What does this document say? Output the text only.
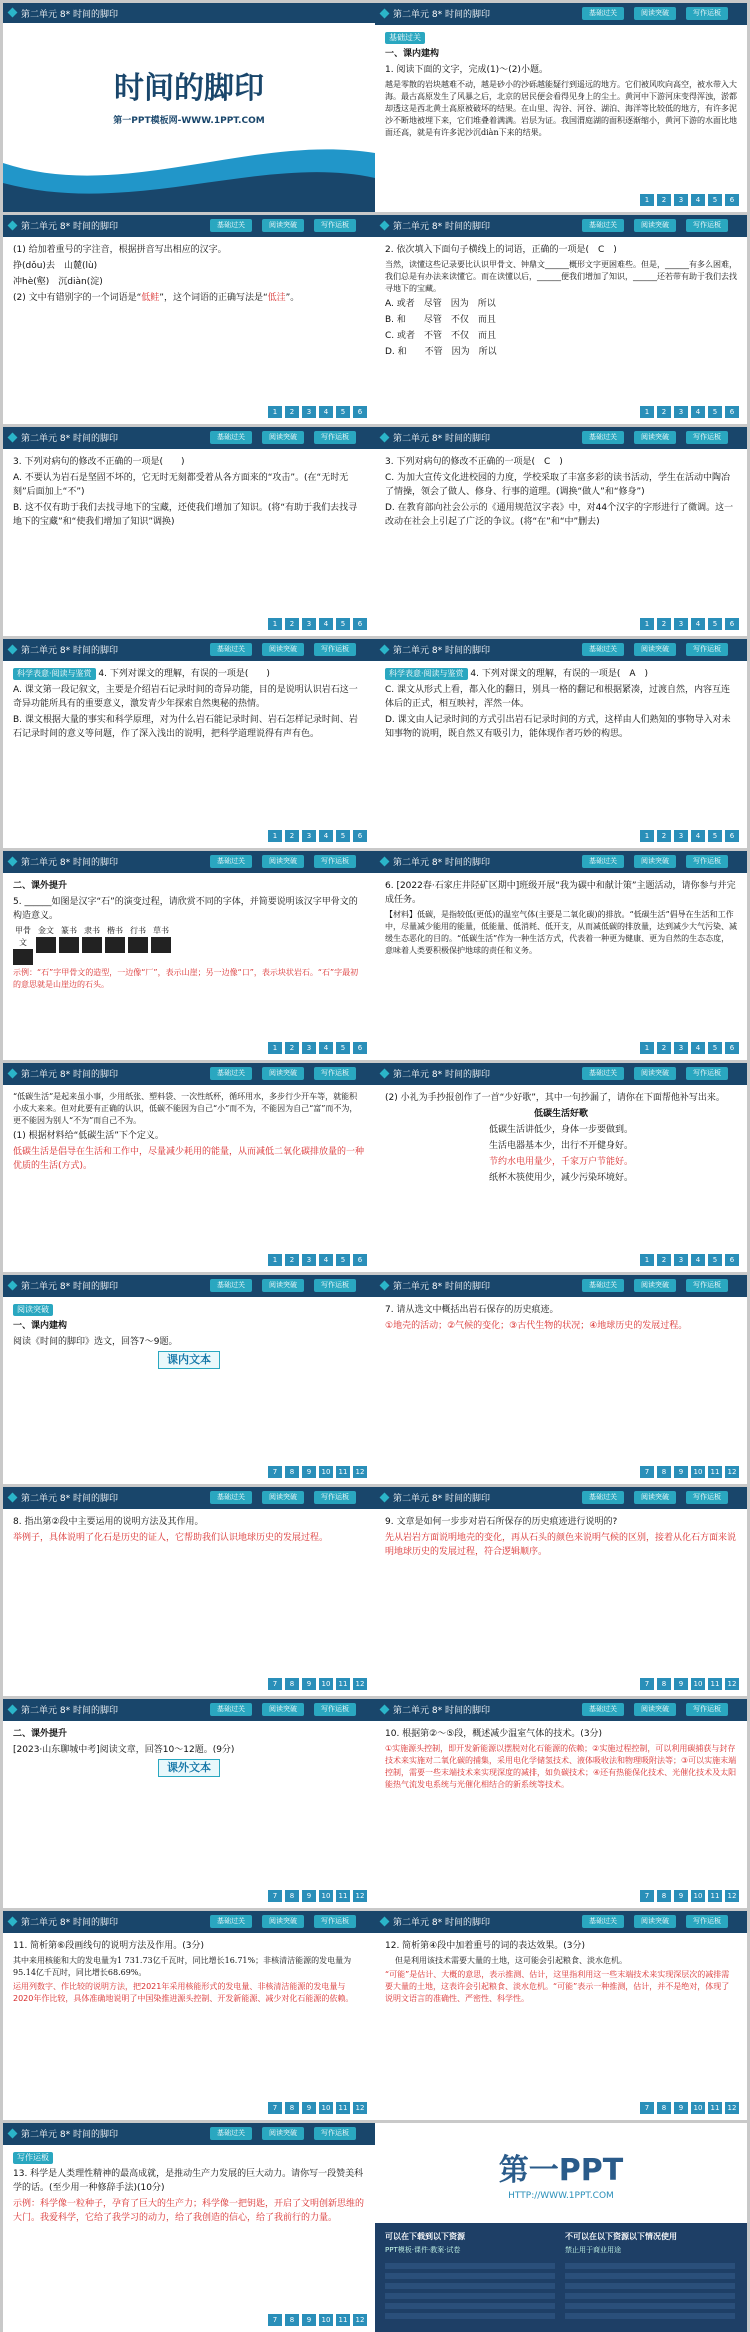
第二单元 8* 时间的脚印
时间的脚印
第一PPT模板网-WWW.1PPT.COM
第二单元 8* 时间的脚印	基础过关	阅读突破	写作运板

基础过关

一、课内建构

1. 阅读下面的文字，完成(1)～(2)小题。

越是零散的岩块越难不动，越是砂小的沙砾越能疑行到遥远的地方。它们被风吹向高空，被水带入大海。最古高原发生了风暴之后，北京的居民便会看得见身上的尘土。黄河中下游河床变得浑浊，淤都却透这是西北黄土高原被破坏的结果。在山里、沟谷、河谷、湖泊、海洋等比较低的地方，有许多泥沙不断地被埋下来，它们堆叠着满满。岩层为证。我国渭庭湖的面积逐渐缩小，黄河下游的水面比地面还高，就是有许多泥沙沉diàn下来的结果。

1	2	3	4	5	6
第二单元 8* 时间的脚印	基础过关	阅读突破	写作运板

(1) 给加着重号的字注音，根据拼音写出相应的汉字。

挣(dǒu)去　山麓(lù)

冲hè(壑)　沉diàn(淀)

(2) 文中有错别字的一个词语是“低鲑”，这个词语的正确写法是“低洼”。

1	2	3	4	5	6
第二单元 8* 时间的脚印	基础过关	阅读突破	写作运板

2. 依次填入下面句子横线上的词语，正确的一项是(　C　)

当然，读懂这些记录要比认识甲骨文、钟鼎文______概形文字更困难些。但是，______有多么困难，我们总是有办法来读懂它。而在读懂以后，______便我们增加了知识，______还若带有助于我们去找寻地下的宝藏。

A. 或者　尽管　因为　所以

B. 和　　尽管　不仅　而且

C. 或者　不管　不仅　而且

D. 和　　不管　因为　所以

1	2	3	4	5	6
第二单元 8* 时间的脚印	基础过关	阅读突破	写作运板

3. 下列对病句的修改不正确的一项是(　　)

A. 不要认为岩石是坚固不坏的，它无时无刻都受着从各方面来的“攻击”。(在“无时无刻”后面加上“不”)

B. 这不仅有助于我们去找寻地下的宝藏，还使我们增加了知识。(将“有助于我们去找寻地下的宝藏”和“使我们增加了知识”调换)

1	2	3	4	5	6
第二单元 8* 时间的脚印	基础过关	阅读突破	写作运板

3. 下列对病句的修改不正确的一项是(　C　)

C. 为加大宣传文化进校园的力度，学校采取了丰富多彩的读书活动，学生在活动中陶冶了情操，领会了做人、修身、行事的道理。(调换“做人”和“修身”)

D. 在教育部向社会公示的《通用规范汉字表》中，对44个汉字的字形进行了微调。这一改动在社会上引起了广泛的争议。(将“在”和“中”删去)

1	2	3	4	5	6
第二单元 8* 时间的脚印	基础过关	阅读突破	写作运板

科学表意·阅读与鉴赏 4. 下列对课文的理解，有误的一项是(　　)

A. 课文第一段记叙文，主要是介绍岩石记录时间的奇异功能，目的是说明认识岩石这一奇异功能所具有的重要意义，激发青少年探索自然奥秘的热情。

B. 课文根据大量的事实和科学原理，对为什么岩石能记录时间、岩石怎样记录时间、岩石记录时间的意义等问题，作了深入浅出的说明，把科学道理说得有声有色。

1	2	3	4	5	6
第二单元 8* 时间的脚印	基础过关	阅读突破	写作运板

科学表意·阅读与鉴赏 4. 下列对课文的理解，有误的一项是(　A　)

C. 课文从形式上看，都入化的翻日，别具一格的翻记和根据紧凑，过渡自然，内容互连体后的正式，相互映衬，浑然一体。

D. 课文由人记录时间的方式引出岩石记录时间的方式，这样由人们熟知的事物导入对未知事物的说明，既自然又有吸引力，能体现作者巧妙的构思。

1	2	3	4	5	6
第二单元 8* 时间的脚印	基础过关	阅读突破	写作运板

二、课外提升

5. ______如图是汉字“石”的演变过程，请欣赏不同的字体，并简要说明该汉字甲骨文的构造意义。

甲骨文
金文 篆书 隶书 楷书 行书 草书

示例：“石”字甲骨文的造型，一边像“厂”，表示山崖；另一边像“口”，表示块状岩石。“石”字最初的意思就是山崖边的石头。

1	2	3	4	5	6
第二单元 8* 时间的脚印	基础过关	阅读突破	写作运板

6. [2022春·石家庄井陉矿区期中]班级开展“我为碳中和献计策”主题活动，请你参与并完成任务。

【材料】低碳，是指较低(更低)的温室气体(主要是二氧化碳)的排放。“低碳生活”倡导在生活和工作中，尽量减少能用的能量，低能量、低消耗、低开支，从而减低碳的排放量，达到减少大气污染、减缓生态恶化的目的。“低碳生活”作为一种生活方式，代表着一种更为健康、更为自然的生态态度，意味着人类要积极保护地球的责任和义务。

1	2	3	4	5	6
第二单元 8* 时间的脚印	基础过关	阅读突破	写作运板

“低碳生活”是起来虽小事，少用纸张、塑料袋、一次性纸杯，循环用水，多步行少开车等，就能积小成大来来。但对此要有正确的认识，低碳不能因为自己“小”而不为，不能因为自己“富”而不为，更不能因为别人“不为”而自己不为。

(1) 根据材料给“低碳生活”下个定义。

低碳生活是倡导在生活和工作中，尽量减少耗用的能量，从而减低二氧化碳排放量的一种优质的生活(方式)。

1	2	3	4	5	6
第二单元 8* 时间的脚印	基础过关	阅读突破	写作运板

(2) 小礼为手抄报创作了一首“少好歌”，其中一句抄漏了，请你在下面帮他补写出来。

低碳生活好歌

低碳生活讲低少，身体一步要做到。

生活电器基本少，出行不开健身好。

节约水电用量少，千家万户节能好。

纸杯木筷使用少，减少污染环境好。

1	2	3	4	5	6
第二单元 8* 时间的脚印	基础过关	阅读突破	写作运板

阅读突破

一、课内建构

阅读《时间的脚印》选文，回答7～9题。

课内文本

7	8	9	10	11	12
第二单元 8* 时间的脚印	基础过关	阅读突破	写作运板

7. 请从选文中概括出岩石保存的历史痕迹。

①地壳的活动；②气候的变化；③古代生物的状况；④地球历史的发展过程。

7	8	9	10	11	12
第二单元 8* 时间的脚印	基础过关	阅读突破	写作运板

8. 指出第②段中主要运用的说明方法及其作用。

举例子，具体说明了化石是历史的证人，它帮助我们认识地球历史的发展过程。

7	8	9	10	11	12
第二单元 8* 时间的脚印	基础过关	阅读突破	写作运板

9. 文章是如何一步步对岩石所保存的历史痕迹进行说明的?

先从岩岩方面说明地壳的变化，再从石头的颜色来说明气候的区别，接着从化石方面来说明地球历史的发展过程，符合逻辑顺序。

7	8	9	10	11	12
第二单元 8* 时间的脚印	基础过关	阅读突破	写作运板

二、课外提升

[2023·山东聊城中考]阅读文章，回答10～12题。(9分)

课外文本

7	8	9	10	11	12
第二单元 8* 时间的脚印	基础过关	阅读突破	写作运板

10. 根据第②～⑤段，概述减少温室气体的技术。(3分)

①实施源头控制，即开发新能源以摆脱对化石能源的依赖；②实施过程控制，可以利用碳捕获与封存技术来实施对二氧化碳的捕集，采用电化学储氢技术、液体吸收法和物理吸附法等；③可以实施末端控制，需要一些末端技术来实现深度的减排，如负碳技术；④还有热能保化技术、光催化技术及太阳能热气流发电系统与光催化相结合的新系统等技术。

7	8	9	10	11	12
第二单元 8* 时间的脚印	基础过关	阅读突破	写作运板

11. 简析第⑥段画线句的说明方法及作用。(3分)

其中来用核能和大的发电量为1 731.73亿千瓦时，同比增长16.71%；非核清洁能源的发电量为95.14亿千瓦时，同比增长68.69%。

运用列数字、作比较的说明方法，把2021年采用核能形式的发电量、非核清洁能源的发电量与2020年作比较，具体准确地说明了中国染推进源头控制、开发新能源、减少对化石能源的依赖。

7	8	9	10	11	12
第二单元 8* 时间的脚印	基础过关	阅读突破	写作运板

12. 简析第④段中加着重号的词的表达效果。(3分)

但是利用该技术需要大量的土地，这可能会引起粮食、淡水危机。

“可能”是估计、大概的意思，表示推测、估计，这里指利用这一些末端技术来实现深层次的减排需要大量的土地，这表许会引起粮食、淡水危机。“可能”表示一种推测，估计，并不是绝对，体现了说明文语言的准确性、严密性、科学性。

7	8	9	10	11	12
第二单元 8* 时间的脚印	基础过关	阅读突破	写作运板

写作运板

13. 科学是人类理性精神的最高成就，是推动生产力发展的巨大动力。请你写一段赞美科学的话。(至少用一种修辞手法)(10分)

示例：科学像一粒种子，孕育了巨大的生产力；科学像一把钥匙，开启了文明创新思维的大门。我爱科学，它给了我学习的动力，给了我创造的信心，给了我前行的力量。

7	8	9	10	11	12
第一PPT
HTTP://WWW.1PPT.COM
可以在下载到以下资源
PPT模板·课件·教案·试卷
不可以在以下资源以下情况使用
禁止用于商业用途
